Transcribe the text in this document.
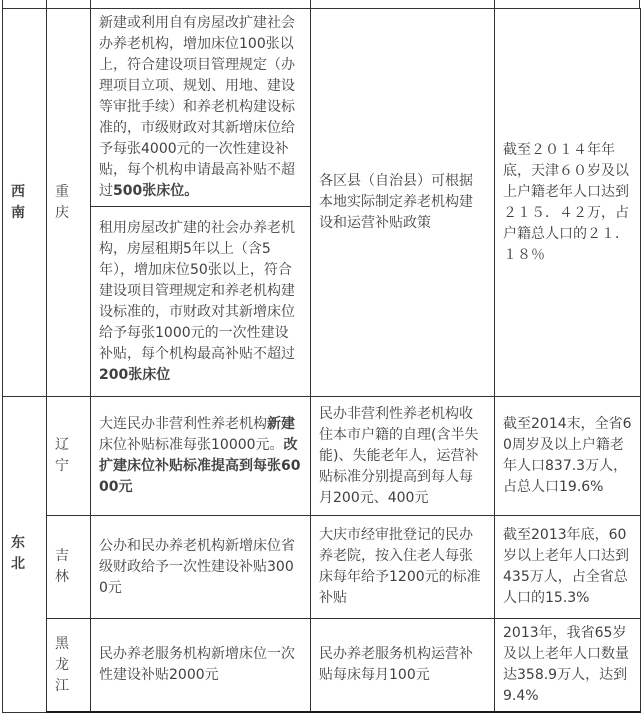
西南	重庆	新建或利用自有房屋改扩建社会办养老机构，增加床位100张以上，符合建设项目管理规定（办理项目立项、规划、用地、建设等审批手续）和养老机构建设标准的，市级财政对其新增床位给予每张4000元的一次性建设补贴，每个机构申请最高补贴不超过500张床位。	各区县（自治县）可根据本地实际制定养老机构建设和运营补贴政策	截至２０１４年年底，天津６０岁及以上户籍老年人口达到２１５．４２万，占户籍总人口的２１．１８％
		租用房屋改扩建的社会办养老机构，房屋租期5年以上（含5年），增加床位50张以上，符合建设项目管理规定和养老机构建设标准的，市财政对其新增床位给予每张1000元的一次性建设补贴，每个机构最高补贴不超过200张床位		
东北	辽宁	大连民办非营利性养老机构新建床位补贴标准每张10000元。改扩建床位补贴标准提高到每张6000元	民办非营利性养老机构收住本市户籍的自理(含半失能)、失能老年人，运营补贴标准分别提高到每人每月200元、400元	截至2014末，全省60周岁及以上户籍老年人口837.3万人，占总人口19.6%
	吉林	公办和民办养老机构新增床位省级财政给予一次性建设补贴3000元	大庆市经审批登记的民办养老院，按入住老人每张床每年给予1200元的标准补贴	截至2013年底，60岁以上老年人口达到435万人，占全省总人口的15.3%
	黑龙江	民办养老服务机构新增床位一次性建设补贴2000元	民办养老服务机构运营补贴每床每月100元	2013年，我省65岁及以上老年人口数量达358.9万人，达到9.4%
